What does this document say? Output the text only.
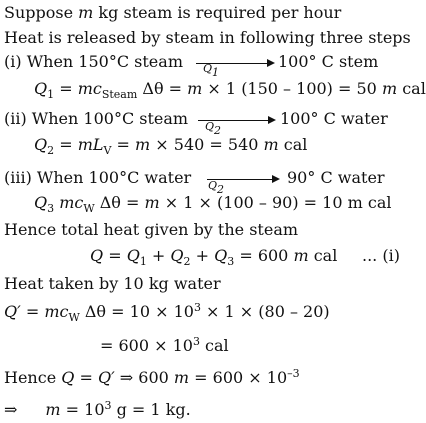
Suppose m kg steam is required per hour
Heat is released by steam in following three steps
(i) When 150°C steam $Q_1$
100° C stem
$Q_1 = mc_{Steam}$ Δθ = m × 1 (150 – 100) = 50 m cal
(ii) When 100°C steam $Q_2$
100° C water
$Q_2 = mL_V = m \times 540 = 540$ m cal
(iii) When 100°C water $Q_2$
90° C water
$Q_3$ $mc_W$ Δθ = m × 1 × (100 – 90) = 10 m cal
Hence total heat given by the steam
$Q = Q_1 + Q_2 + Q_3 = 600$ m cal ... (i)
Heat taken by 10 kg water
$Q' = mc_W$ $\Delta\theta = 10 \times 10^3 \times 1 \times (80 - 20)$
= $600 \times 10^3$ cal
Hence Q = Q′ ⇒ 600 $m = 600 \times 10^{-3}$
⇒ $m = 10^3$ g = 1 kg.
